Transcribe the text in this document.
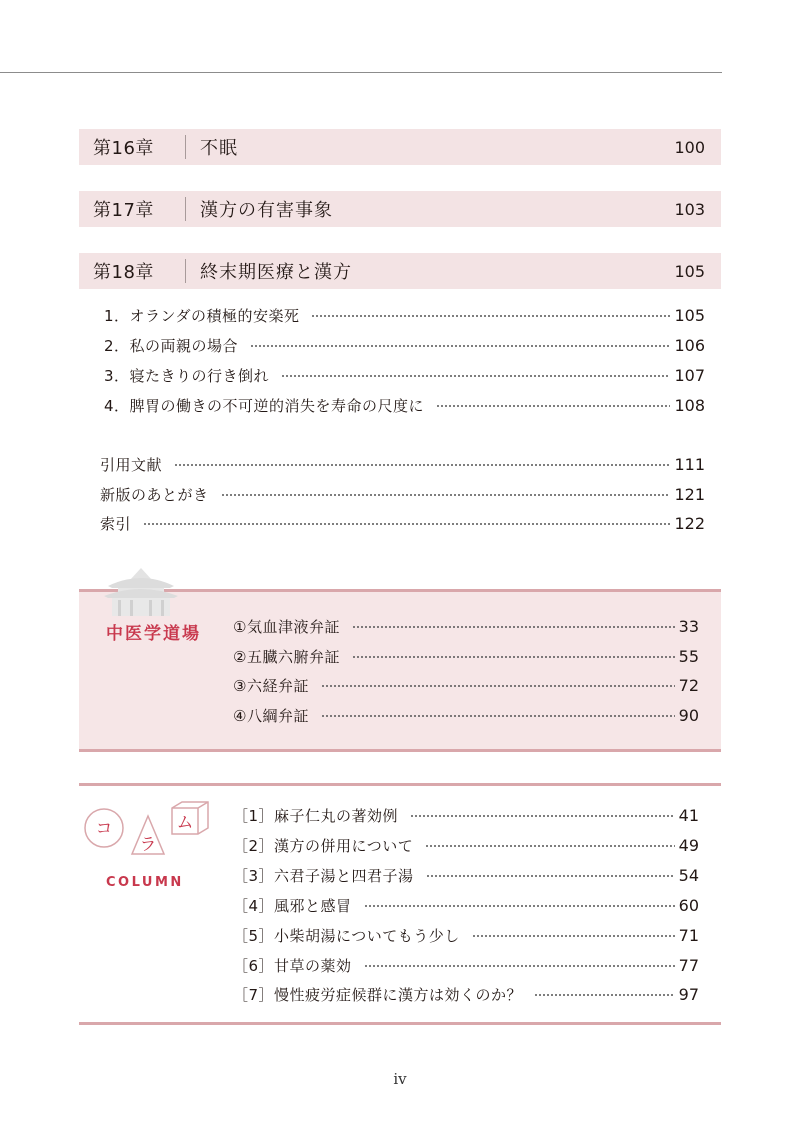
第16章	不眠	100
第17章	漢方の有害事象	103
第18章	終末期医療と漢方	105
1．オランダの積極的安楽死	105
2．私の両親の場合	106
3．寝たきりの行き倒れ	107
4．脾胃の働きの不可逆的消失を寿命の尺度に	108
引用文献	111
新版のあとがき	121
索引	122
中医学道場 ①気血津液弁証	33
②五臓六腑弁証	55
③六経弁証	72
④八綱弁証	90
コ
ラ
ム
COLUMN
［1］麻子仁丸の著効例	41
［2］漢方の併用について	49
［3］六君子湯と四君子湯	54
［4］風邪と感冒	60
［5］小柴胡湯についてもう少し	71
［6］甘草の薬効	77
［7］慢性疲労症候群に漢方は効くのか？	97
iv
